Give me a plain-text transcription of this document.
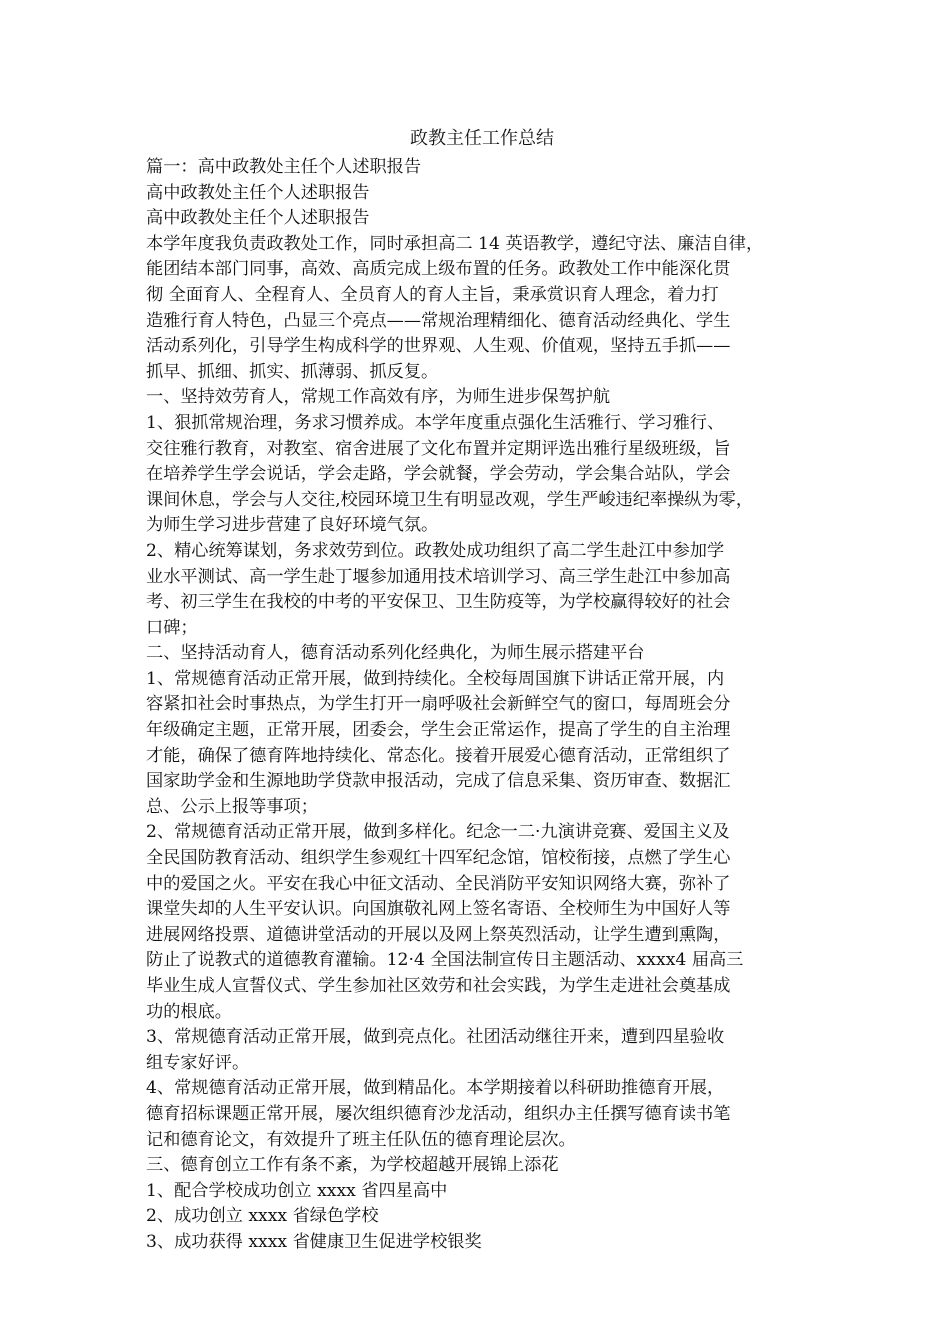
政教主任工作总结

篇一：高中政教处主任个人述职报告

高中政教处主任个人述职报告

高中政教处主任个人述职报告

本学年度我负责政教处工作，同时承担高二 14 英语教学，遵纪守法、廉洁自律，

能团结本部门同事，高效、高质完成上级布置的任务。政教处工作中能深化贯

彻 全面育人、全程育人、全员育人的育人主旨，秉承赏识育人理念，着力打

造雅行育人特色，凸显三个亮点——常规治理精细化、德育活动经典化、学生

活动系列化，引导学生构成科学的世界观、人生观、价值观，坚持五手抓——

抓早、抓细、抓实、抓薄弱、抓反复。

一、坚持效劳育人，常规工作高效有序，为师生进步保驾护航

1、狠抓常规治理，务求习惯养成。本学年度重点强化生活雅行、学习雅行、

交往雅行教育，对教室、宿舍进展了文化布置并定期评选出雅行星级班级，旨

在培养学生学会说话，学会走路，学会就餐，学会劳动，学会集合站队，学会

课间休息，学会与人交往,校园环境卫生有明显改观，学生严峻违纪率操纵为零，

为师生学习进步营建了良好环境气氛。

2、精心统筹谋划，务求效劳到位。政教处成功组织了高二学生赴江中参加学

业水平测试、高一学生赴丁堰参加通用技术培训学习、高三学生赴江中参加高

考、初三学生在我校的中考的平安保卫、卫生防疫等，为学校赢得较好的社会

口碑；

二、坚持活动育人，德育活动系列化经典化，为师生展示搭建平台

1、常规德育活动正常开展，做到持续化。全校每周国旗下讲话正常开展，内

容紧扣社会时事热点，为学生打开一扇呼吸社会新鲜空气的窗口，每周班会分

年级确定主题，正常开展，团委会，学生会正常运作，提高了学生的自主治理

才能，确保了德育阵地持续化、常态化。接着开展爱心德育活动，正常组织了

国家助学金和生源地助学贷款申报活动，完成了信息采集、资历审查、数据汇

总、公示上报等事项；

2、常规德育活动正常开展，做到多样化。纪念一二·九演讲竞赛、爱国主义及

全民国防教育活动、组织学生参观红十四军纪念馆，馆校衔接，点燃了学生心

中的爱国之火。平安在我心中征文活动、全民消防平安知识网络大赛，弥补了

课堂失却的人生平安认识。向国旗敬礼网上签名寄语、全校师生为中国好人等

进展网络投票、道德讲堂活动的开展以及网上祭英烈活动，让学生遭到熏陶，

防止了说教式的道德教育灌输。12·4 全国法制宣传日主题活动、xxxx4 届高三

毕业生成人宣誓仪式、学生参加社区效劳和社会实践，为学生走进社会奠基成

功的根底。

3、常规德育活动正常开展，做到亮点化。社团活动继往开来，遭到四星验收

组专家好评。

4、常规德育活动正常开展，做到精品化。本学期接着以科研助推德育开展，

德育招标课题正常开展，屡次组织德育沙龙活动，组织办主任撰写德育读书笔

记和德育论文，有效提升了班主任队伍的德育理论层次。

三、德育创立工作有条不紊，为学校超越开展锦上添花

1、配合学校成功创立 xxxx 省四星高中

2、成功创立 xxxx 省绿色学校

3、成功获得 xxxx 省健康卫生促进学校银奖
